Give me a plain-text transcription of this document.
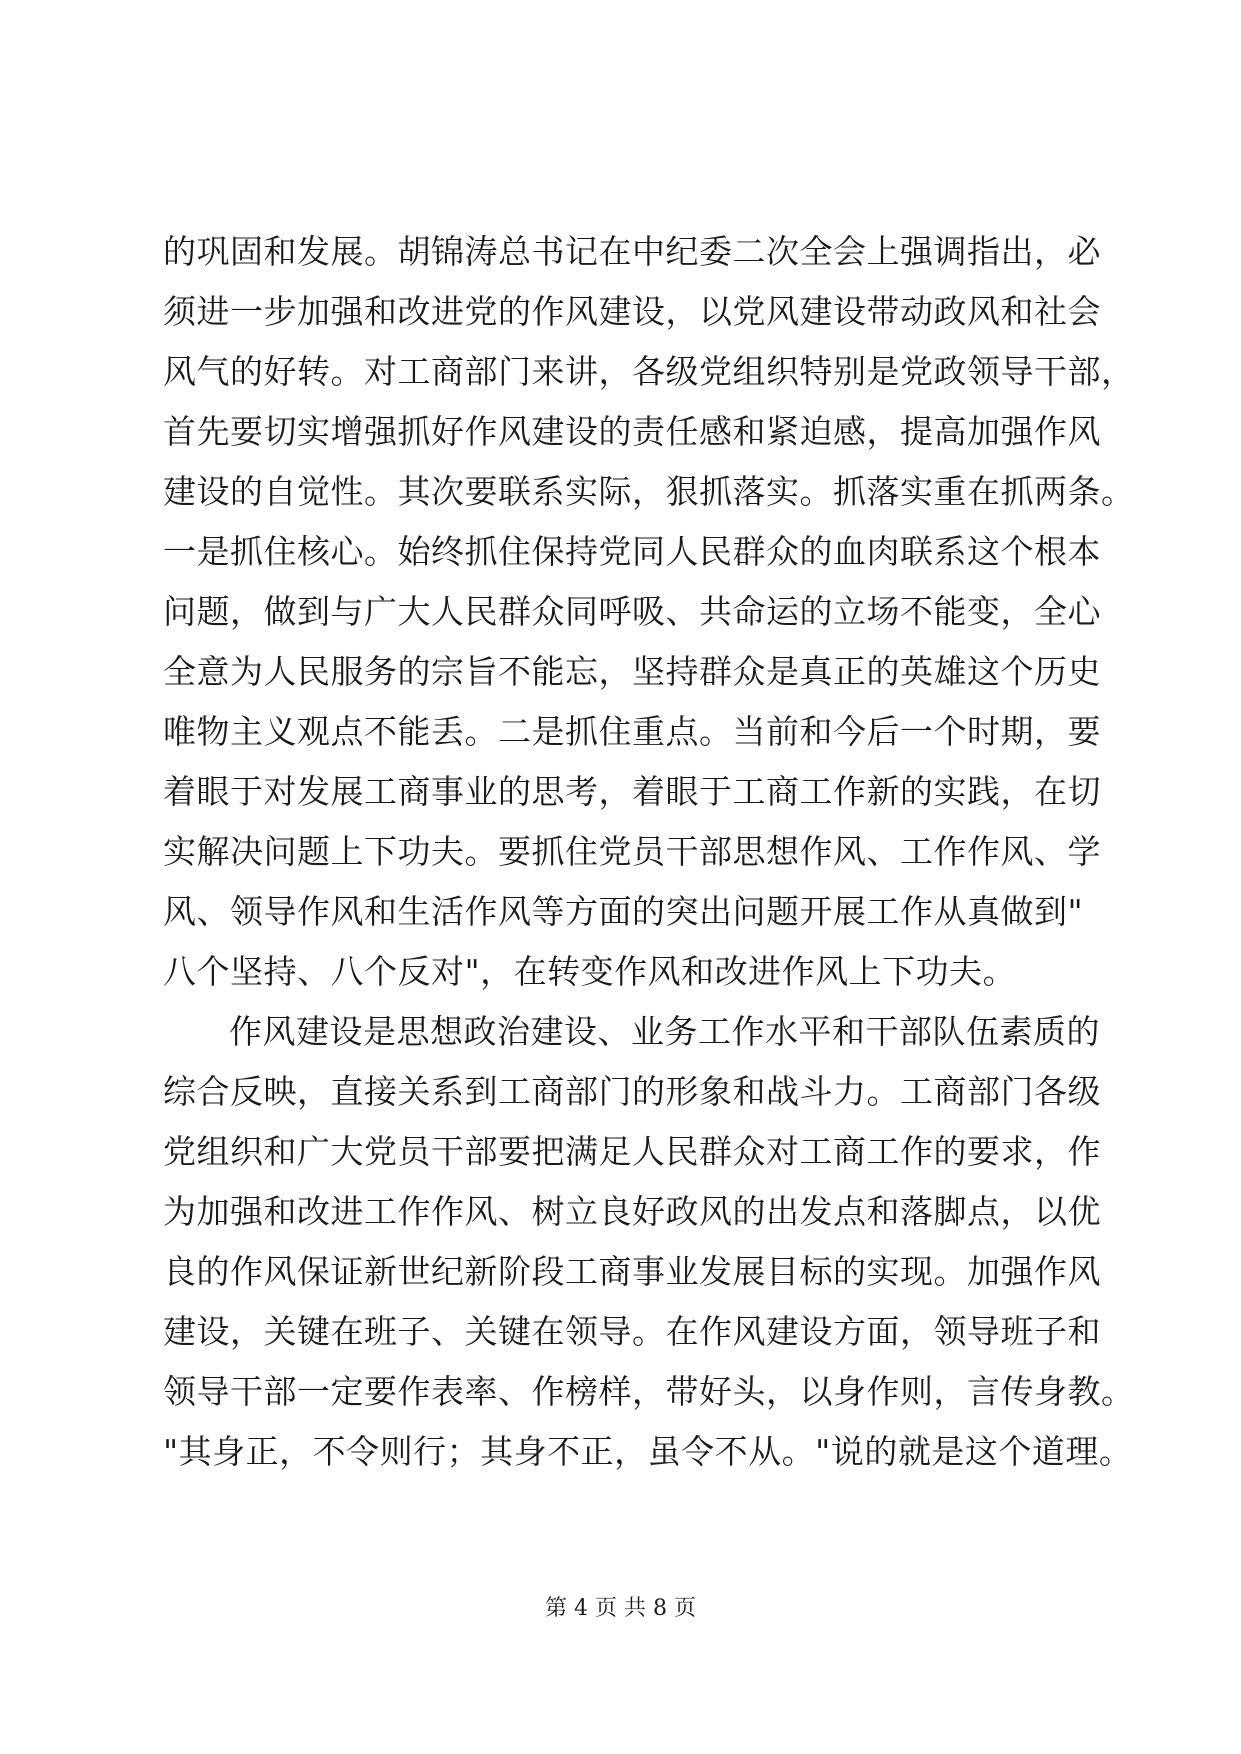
的巩固和发展。胡锦涛总书记在中纪委二次全会上强调指出，必
须进一步加强和改进党的作风建设，以党风建设带动政风和社会
风气的好转。对工商部门来讲，各级党组织特别是党政领导干部，
首先要切实增强抓好作风建设的责任感和紧迫感，提高加强作风
建设的自觉性。其次要联系实际，狠抓落实。抓落实重在抓两条。
一是抓住核心。始终抓住保持党同人民群众的血肉联系这个根本
问题，做到与广大人民群众同呼吸、共命运的立场不能变，全心
全意为人民服务的宗旨不能忘，坚持群众是真正的英雄这个历史
唯物主义观点不能丢。二是抓住重点。当前和今后一个时期，要
着眼于对发展工商事业的思考，着眼于工商工作新的实践，在切
实解决问题上下功夫。要抓住党员干部思想作风、工作作风、学
风、领导作风和生活作风等方面的突出问题开展工作从真做到"
八个坚持、八个反对"，在转变作风和改进作风上下功夫。
作风建设是思想政治建设、业务工作水平和干部队伍素质的
综合反映，直接关系到工商部门的形象和战斗力。工商部门各级
党组织和广大党员干部要把满足人民群众对工商工作的要求，作
为加强和改进工作作风、树立良好政风的出发点和落脚点，以优
良的作风保证新世纪新阶段工商事业发展目标的实现。加强作风
建设，关键在班子、关键在领导。在作风建设方面，领导班子和
领导干部一定要作表率、作榜样，带好头，以身作则，言传身教。
"其身正，不令则行；其身不正，虽令不从。"说的就是这个道理。
第 4 页 共 8 页
